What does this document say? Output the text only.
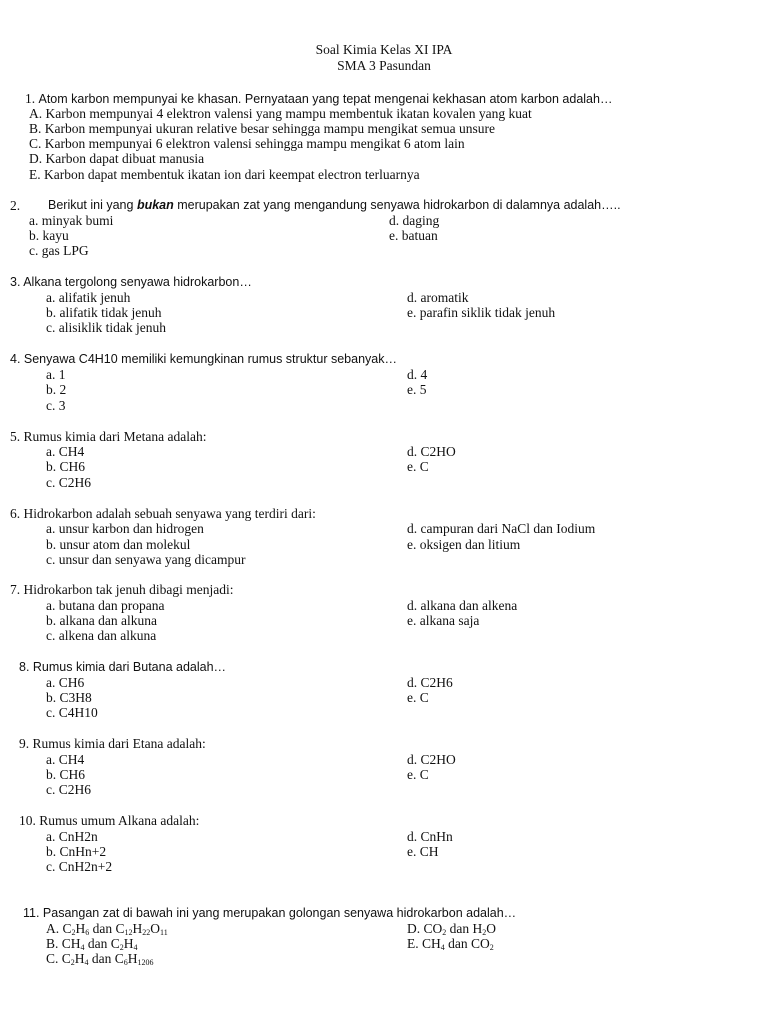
Soal Kimia Kelas XI IPA
SMA 3 Pasundan
1. Atom karbon mempunyai ke khasan. Pernyataan yang tepat mengenai kekhasan atom karbon adalah…
A. Karbon mempunyai 4 elektron valensi yang mampu membentuk ikatan kovalen yang kuat
B. Karbon mempunyai ukuran relative besar sehingga mampu mengikat semua unsure
C. Karbon mempunyai 6 elektron valensi sehingga mampu mengikat 6 atom lain
D. Karbon dapat dibuat manusia
E. Karbon dapat membentuk ikatan ion dari keempat electron terluarnya
2. Berikut ini yang bukan merupakan zat yang mengandung senyawa hidrokarbon di dalamnya adalah…..
a. minyak bumi
b. kayu
c. gas LPG
d. daging
e. batuan
3. Alkana tergolong senyawa hidrokarbon…
a. alifatik jenuh
b. alifatik tidak jenuh
c. alisiklik tidak jenuh
d. aromatik
e. parafin siklik tidak jenuh
4. Senyawa C4H10 memiliki kemungkinan rumus struktur sebanyak…
a. 1
b. 2
c. 3
d. 4
e. 5
5. Rumus kimia dari Metana adalah:
a. CH4
b. CH6
c. C2H6
d. C2HO
e. C
6. Hidrokarbon adalah sebuah senyawa yang terdiri dari:
a. unsur karbon dan hidrogen
b. unsur atom dan molekul
c. unsur dan senyawa yang dicampur
d. campuran dari NaCl dan Iodium
e. oksigen dan litium
7. Hidrokarbon tak jenuh dibagi menjadi:
a. butana dan propana
b. alkana dan alkuna
c. alkena dan alkuna
d. alkana dan alkena
e. alkana saja
8. Rumus kimia dari Butana adalah…
a. CH6
b. C3H8
c. C4H10
d. C2H6
e. C
9. Rumus kimia dari Etana adalah:
a. CH4
b. CH6
c. C2H6
d. C2HO
e. C
10. Rumus umum Alkana adalah:
a. CnH2n
b. CnHn+2
c. CnH2n+2
d. CnHn
e. CH
11. Pasangan zat di bawah ini yang merupakan golongan senyawa hidrokarbon adalah…
A. $C_2H_6$ dan $C_{12}H_{22}O_{11}$
B. $CH_4$ dan $C_2H_4$
C. $C_2H_4$ dan $C_6H_{1206}$
D. $CO_2$ dan $H_2O$
E. $CH_4$ dan $CO_2$
